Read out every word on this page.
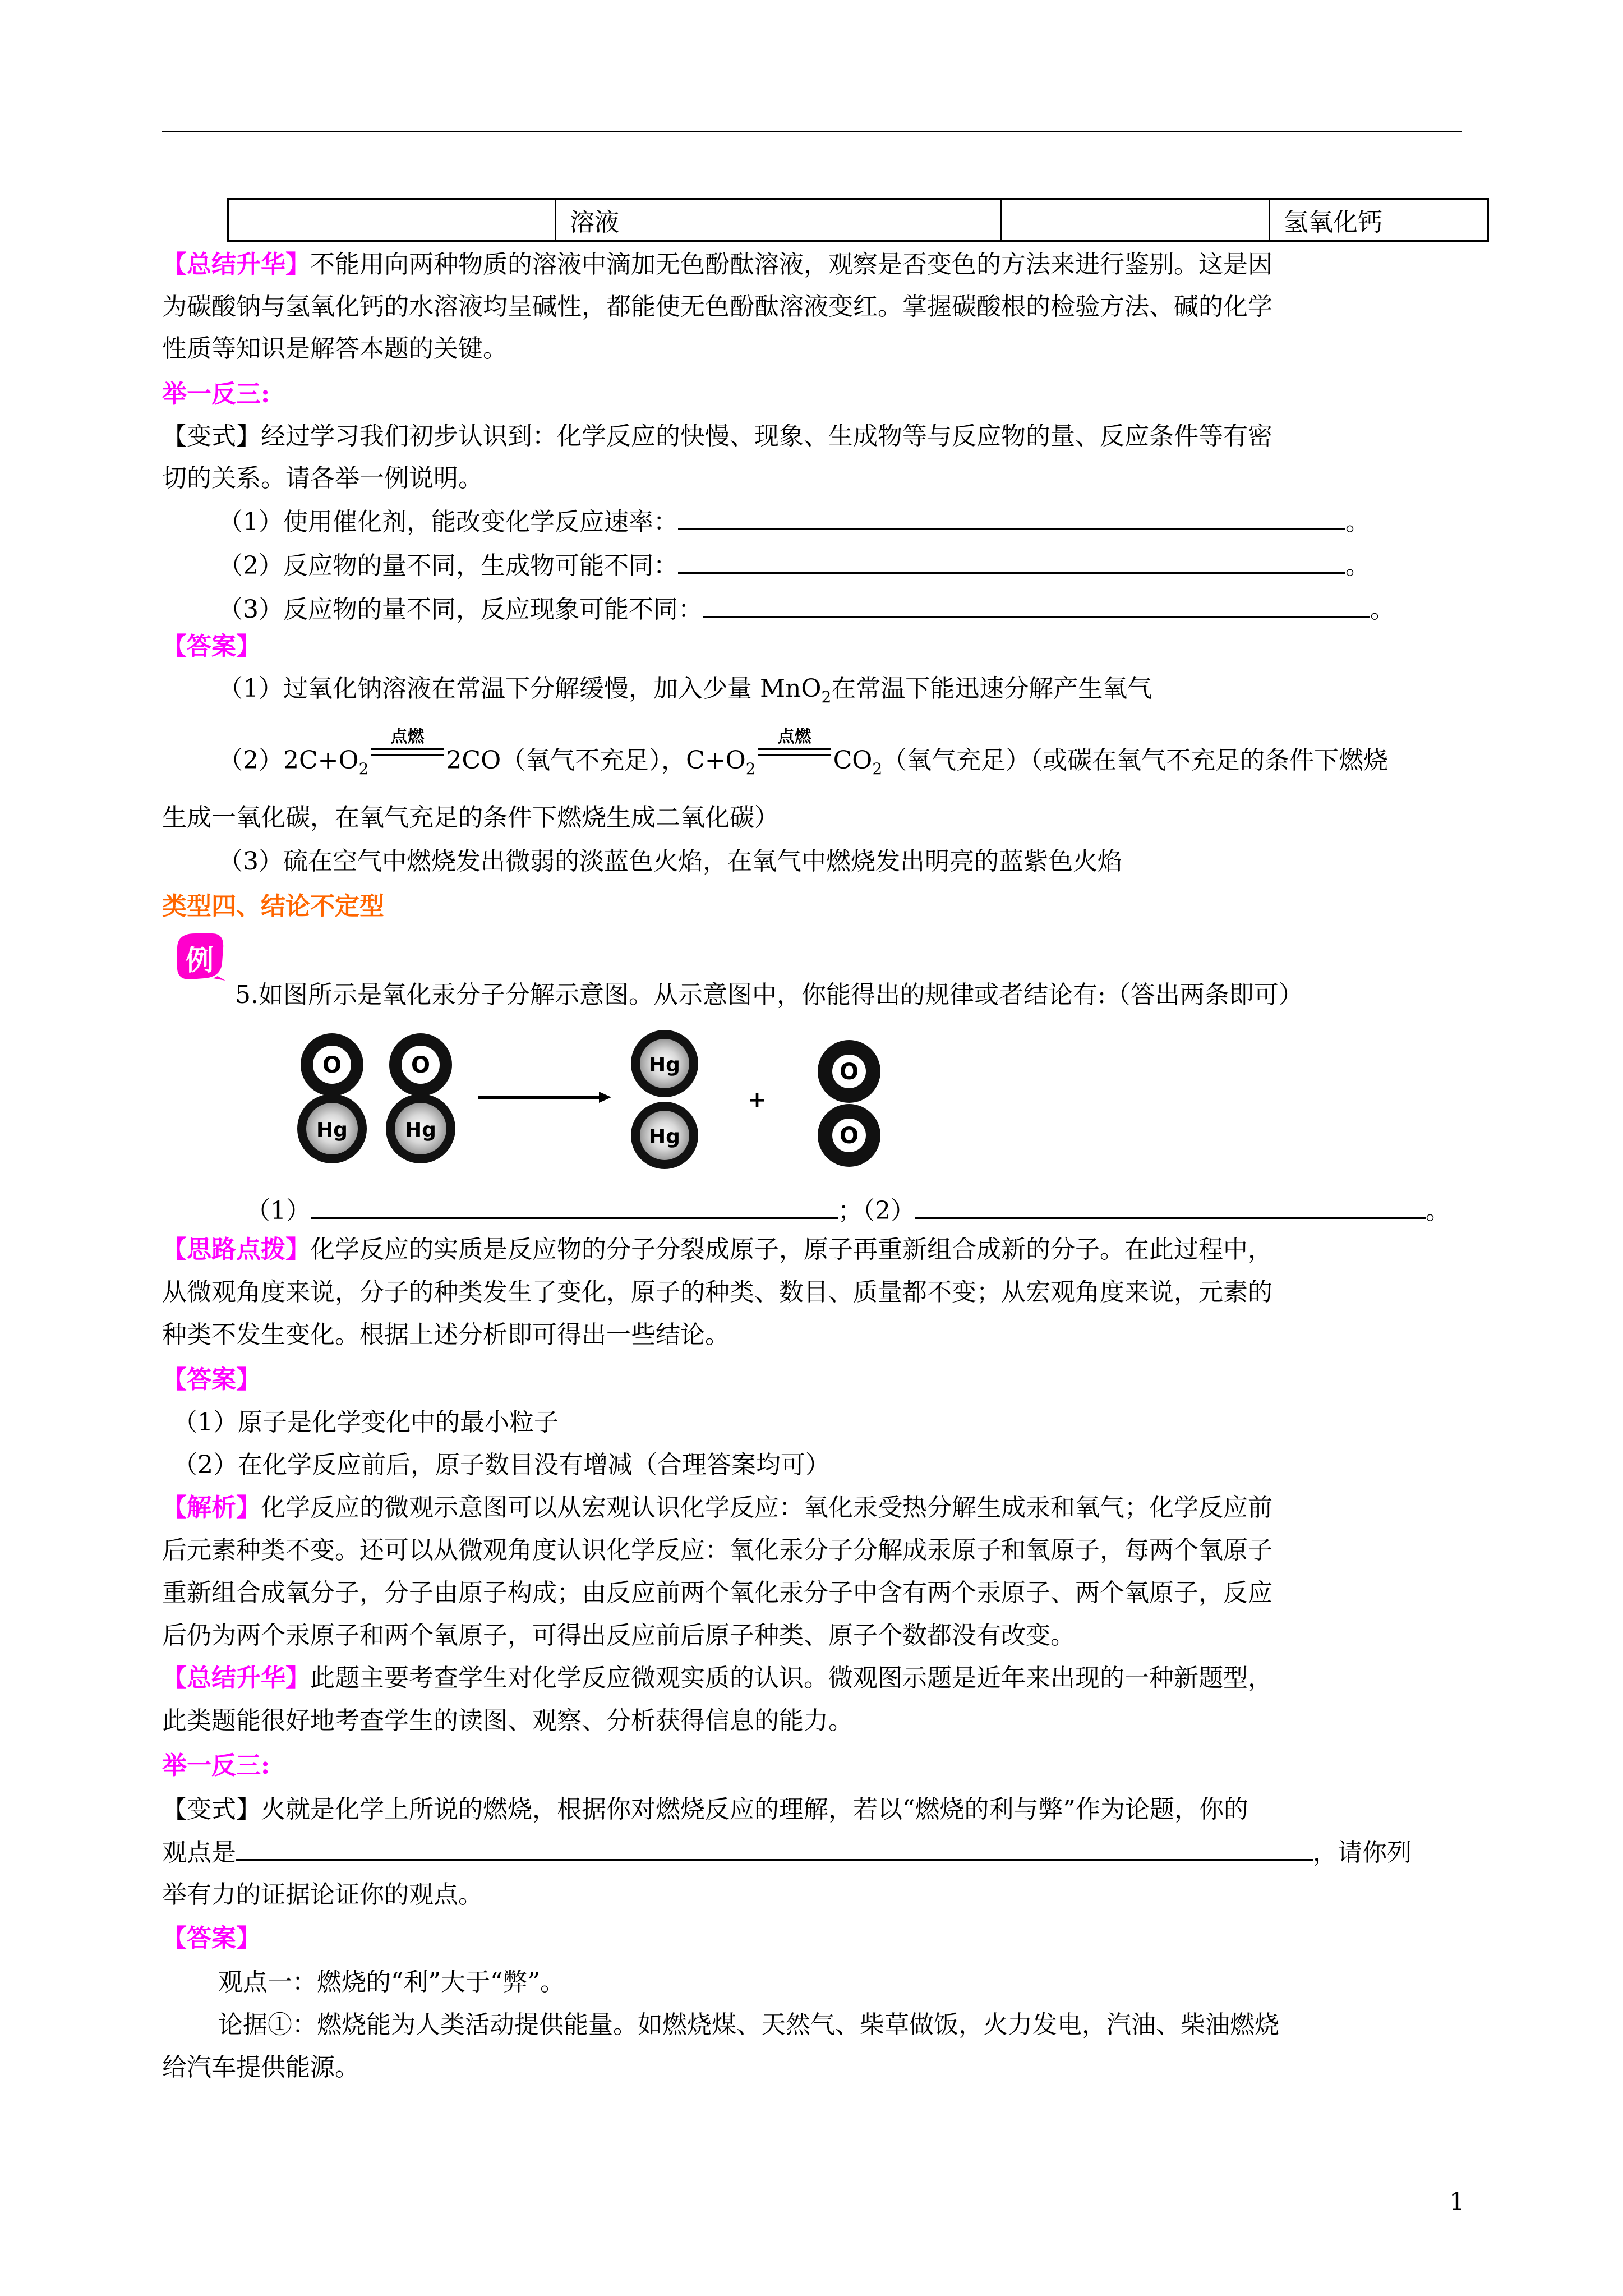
	溶液		氢氧化钙
【总结升华】不能用向两种物质的溶液中滴加无色酚酞溶液，观察是否变色的方法来进行鉴别。这是因
为碳酸钠与氢氧化钙的水溶液均呈碱性，都能使无色酚酞溶液变红。掌握碳酸根的检验方法、碱的化学
性质等知识是解答本题的关键。
举一反三:
【变式】经过学习我们初步认识到：化学反应的快慢、现象、生成物等与反应物的量、反应条件等有密
切的关系。请各举一例说明。
（1）使用催化剂，能改变化学反应速率：	。
（2）反应物的量不同，生成物可能不同：	。
（3）反应物的量不同，反应现象可能不同：	。
【答案】
（1）过氧化钠溶液在常温下分解缓慢，加入少量 MnO$_2$在常温下能迅速分解产生氧气
$(2)2C+O_2$
点燃
2CO（氧气不充足），$C+O_2$
点燃
$CO_2$（氧气充足）（或碳在氧气不充足的条件下燃烧
生成一氧化碳，在氧气充足的条件下燃烧生成二氧化碳）
（3）硫在空气中燃烧发出微弱的淡蓝色火焰，在氧气中燃烧发出明亮的蓝紫色火焰
类型四、结论不定型
例
5.如图所示是氧化汞分子分解示意图。从示意图中，你能得出的规律或者结论有:（答出两条即可）
O
Hg
O
Hg
Hg
Hg
+
O
O
（1）	；（2）	。
【思路点拨】化学反应的实质是反应物的分子分裂成原子，原子再重新组合成新的分子。在此过程中，
从微观角度来说，分子的种类发生了变化，原子的种类、数目、质量都不变；从宏观角度来说，元素的
种类不发生变化。根据上述分析即可得出一些结论。
【答案】
（1）原子是化学变化中的最小粒子
（2）在化学反应前后，原子数目没有增减（合理答案均可）
【解析】化学反应的微观示意图可以从宏观认识化学反应：氧化汞受热分解生成汞和氧气；化学反应前
后元素种类不变。还可以从微观角度认识化学反应：氧化汞分子分解成汞原子和氧原子，每两个氧原子
重新组合成氧分子，分子由原子构成；由反应前两个氧化汞分子中含有两个汞原子、两个氧原子，反应
后仍为两个汞原子和两个氧原子，可得出反应前后原子种类、原子个数都没有改变。
【总结升华】此题主要考查学生对化学反应微观实质的认识。微观图示题是近年来出现的一种新题型，
此类题能很好地考查学生的读图、观察、分析获得信息的能力。
举一反三:
【变式】火就是化学上所说的燃烧，根据你对燃烧反应的理解，若以“燃烧的利与弊”作为论题，你的
观点是	，请你列
举有力的证据论证你的观点。
【答案】
观点一：燃烧的“利”大于“弊”。
论据①：燃烧能为人类活动提供能量。如燃烧煤、天然气、柴草做饭，火力发电，汽油、柴油燃烧
给汽车提供能源。
1
